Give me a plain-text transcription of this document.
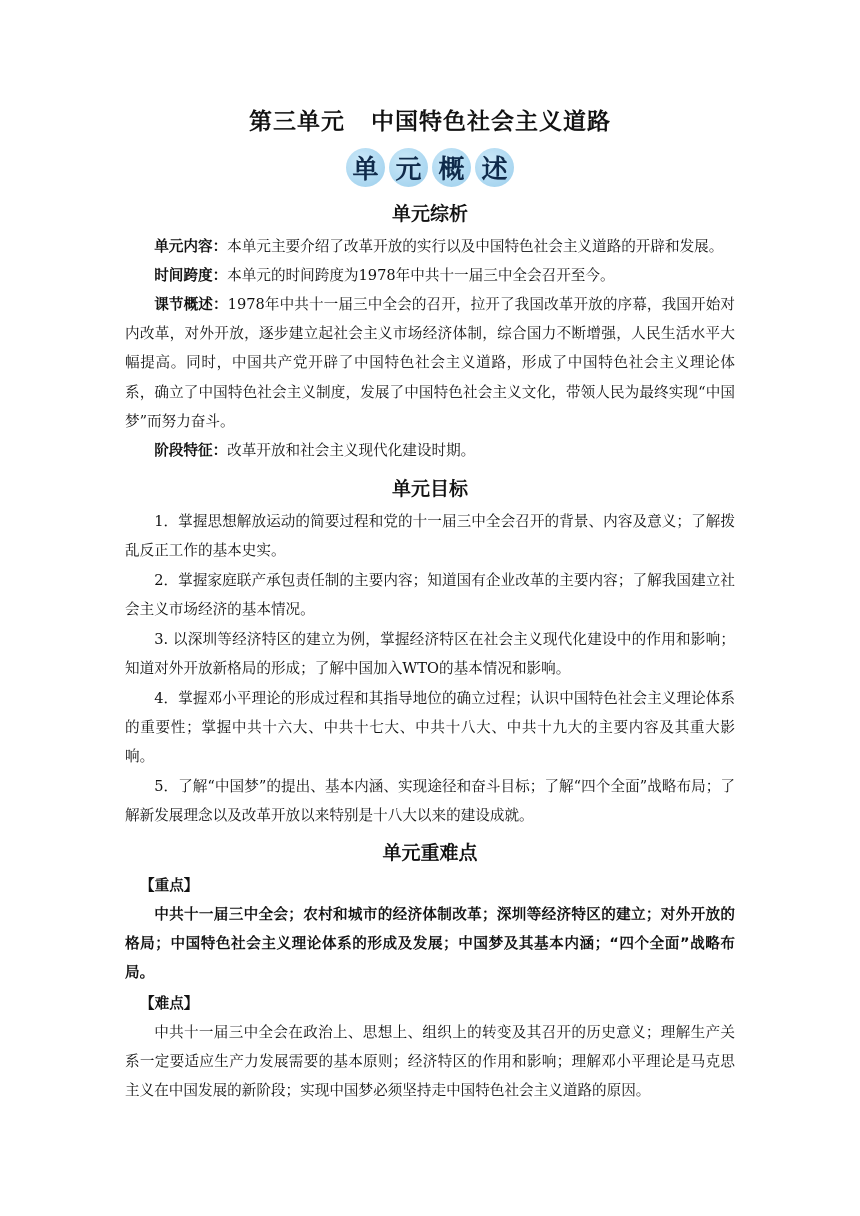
第三单元 中国特色社会主义道路
单 元 概 述
单元综析

单元内容：本单元主要介绍了改革开放的实行以及中国特色社会主义道路的开辟和发展。

时间跨度：本单元的时间跨度为1978年中共十一届三中全会召开至今。

课节概述：1978年中共十一届三中全会的召开，拉开了我国改革开放的序幕，我国开始对内改革，对外开放，逐步建立起社会主义市场经济体制，综合国力不断增强，人民生活水平大幅提高。同时，中国共产党开辟了中国特色社会主义道路，形成了中国特色社会主义理论体系，确立了中国特色社会主义制度，发展了中国特色社会主义文化，带领人民为最终实现“中国梦”而努力奋斗。

阶段特征：改革开放和社会主义现代化建设时期。

单元目标

1．掌握思想解放运动的简要过程和党的十一届三中全会召开的背景、内容及意义；了解拨乱反正工作的基本史实。

2．掌握家庭联产承包责任制的主要内容；知道国有企业改革的主要内容；了解我国建立社会主义市场经济的基本情况。

3. 以深圳等经济特区的建立为例，掌握经济特区在社会主义现代化建设中的作用和影响；知道对外开放新格局的形成；了解中国加入WTO的基本情况和影响。

4．掌握邓小平理论的形成过程和其指导地位的确立过程；认识中国特色社会主义理论体系的重要性；掌握中共十六大、中共十七大、中共十八大、中共十九大的主要内容及其重大影响。

5．了解“中国梦”的提出、基本内涵、实现途径和奋斗目标；了解“四个全面”战略布局；了解新发展理念以及改革开放以来特别是十八大以来的建设成就。

单元重难点
【重点】

中共十一届三中全会；农村和城市的经济体制改革；深圳等经济特区的建立；对外开放的格局；中国特色社会主义理论体系的形成及发展；中国梦及其基本内涵；“四个全面”战略布局。

【难点】

中共十一届三中全会在政治上、思想上、组织上的转变及其召开的历史意义；理解生产关系一定要适应生产力发展需要的基本原则；经济特区的作用和影响；理解邓小平理论是马克思主义在中国发展的新阶段；实现中国梦必须坚持走中国特色社会主义道路的原因。
